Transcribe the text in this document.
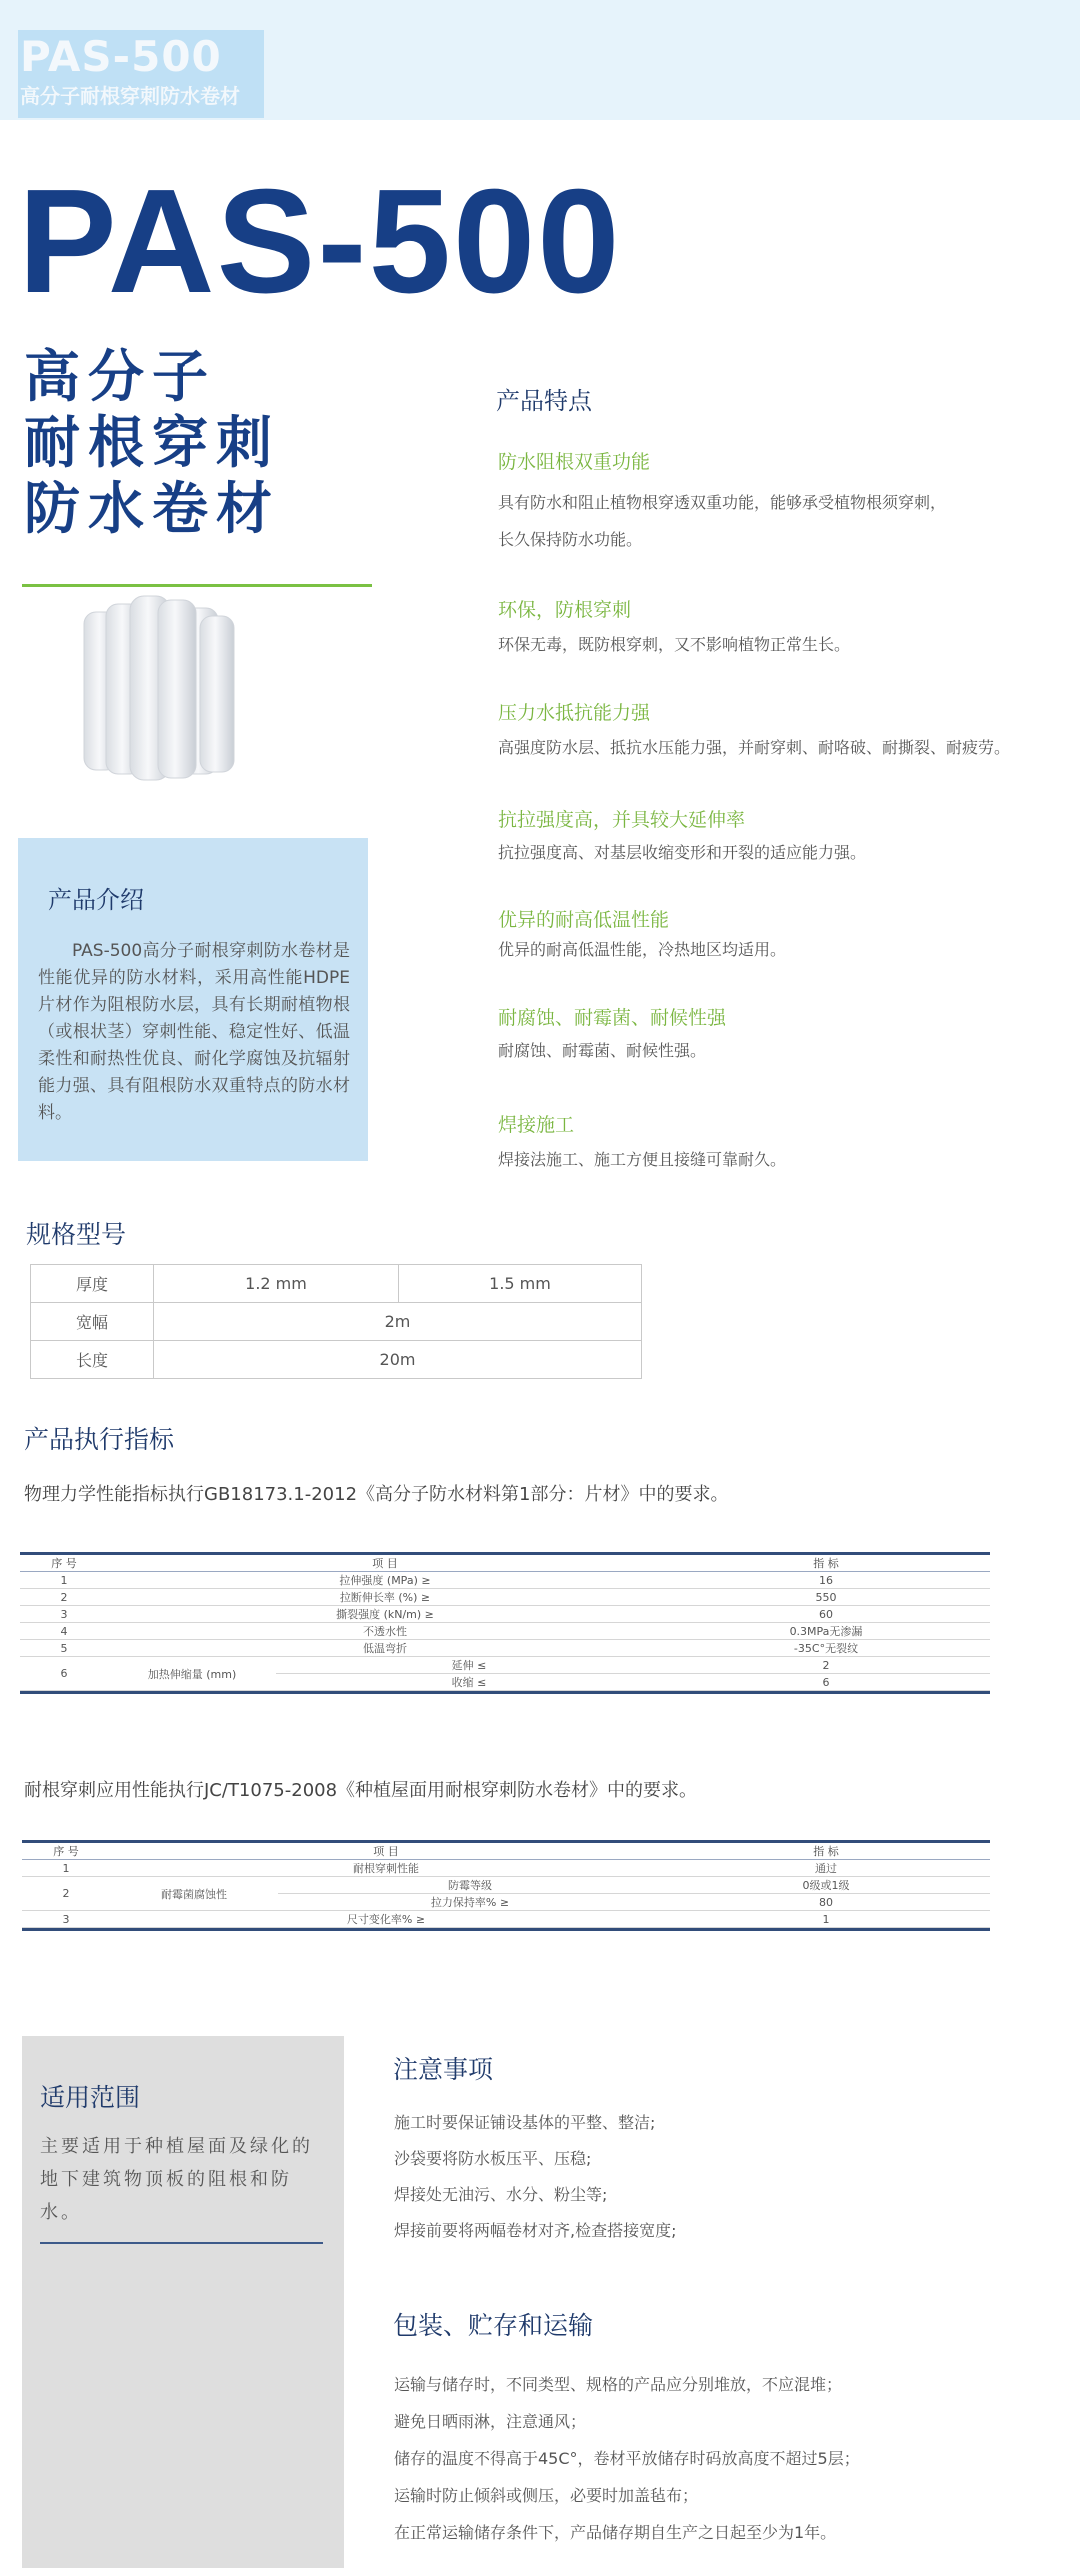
PAS-500
高分子耐根穿刺防水卷材
PAS-500
高分子
耐根穿刺
防水卷材
产品介绍
PAS-500高分子耐根穿刺防水卷材是性能优异的防水材料，采用高性能HDPE片材作为阻根防水层，具有长期耐植物根（或根状茎）穿刺性能、稳定性好、低温柔性和耐热性优良、耐化学腐蚀及抗辐射能力强、具有阻根防水双重特点的防水材料。
产品特点
防水阻根双重功能
具有防水和阻止植物根穿透双重功能，能够承受植物根须穿刺，
长久保持防水功能。
环保，防根穿刺
环保无毒，既防根穿刺，又不影响植物正常生长。
压力水抵抗能力强
高强度防水层、抵抗水压能力强，并耐穿刺、耐咯破、耐撕裂、耐疲劳。
抗拉强度高，并具较大延伸率
抗拉强度高、对基层收缩变形和开裂的适应能力强。
优异的耐高低温性能
优异的耐高低温性能，冷热地区均适用。
耐腐蚀、耐霉菌、耐候性强
耐腐蚀、耐霉菌、耐候性强。
焊接施工
焊接法施工、施工方便且接缝可靠耐久。
规格型号
厚度	1.2 mm	1.5 mm
宽幅	2m	
长度	20m	
产品执行指标
物理力学性能指标执行GB18173.1-2012《高分子防水材料第1部分：片材》中的要求。
序 号	项 目		指 标
1	拉伸强度 (MPa) ≥		16
2	拉断伸长率 (%) ≥		550
3	撕裂强度 (kN/m) ≥		60
4	不透水性		0.3MPa无渗漏
5	低温弯折		-35C°无裂纹
6	加热伸缩量 (mm)	延伸 ≤	2
		收缩 ≤	6
耐根穿刺应用性能执行JC/T1075-2008《种植屋面用耐根穿刺防水卷材》中的要求。
序 号	项 目		指 标
1	耐根穿刺性能		通过
2	耐霉菌腐蚀性	防霉等级	0级或1级
		拉力保持率% ≥	80
3	尺寸变化率% ≥		1
适用范围
主要适用于种植屋面及绿化的地下建筑物顶板的阻根和防水。
注意事项
施工时要保证铺设基体的平整、整洁;
沙袋要将防水板压平、压稳;
焊接处无油污、水分、粉尘等;
焊接前要将两幅卷材对齐,检查搭接宽度;
包装、贮存和运输
运输与储存时，不同类型、规格的产品应分别堆放，不应混堆；
避免日晒雨淋，注意通风；
储存的温度不得高于45C°，卷材平放储存时码放高度不超过5层；
运输时防止倾斜或侧压，必要时加盖毡布；
在正常运输储存条件下，产品储存期自生产之日起至少为1年。
